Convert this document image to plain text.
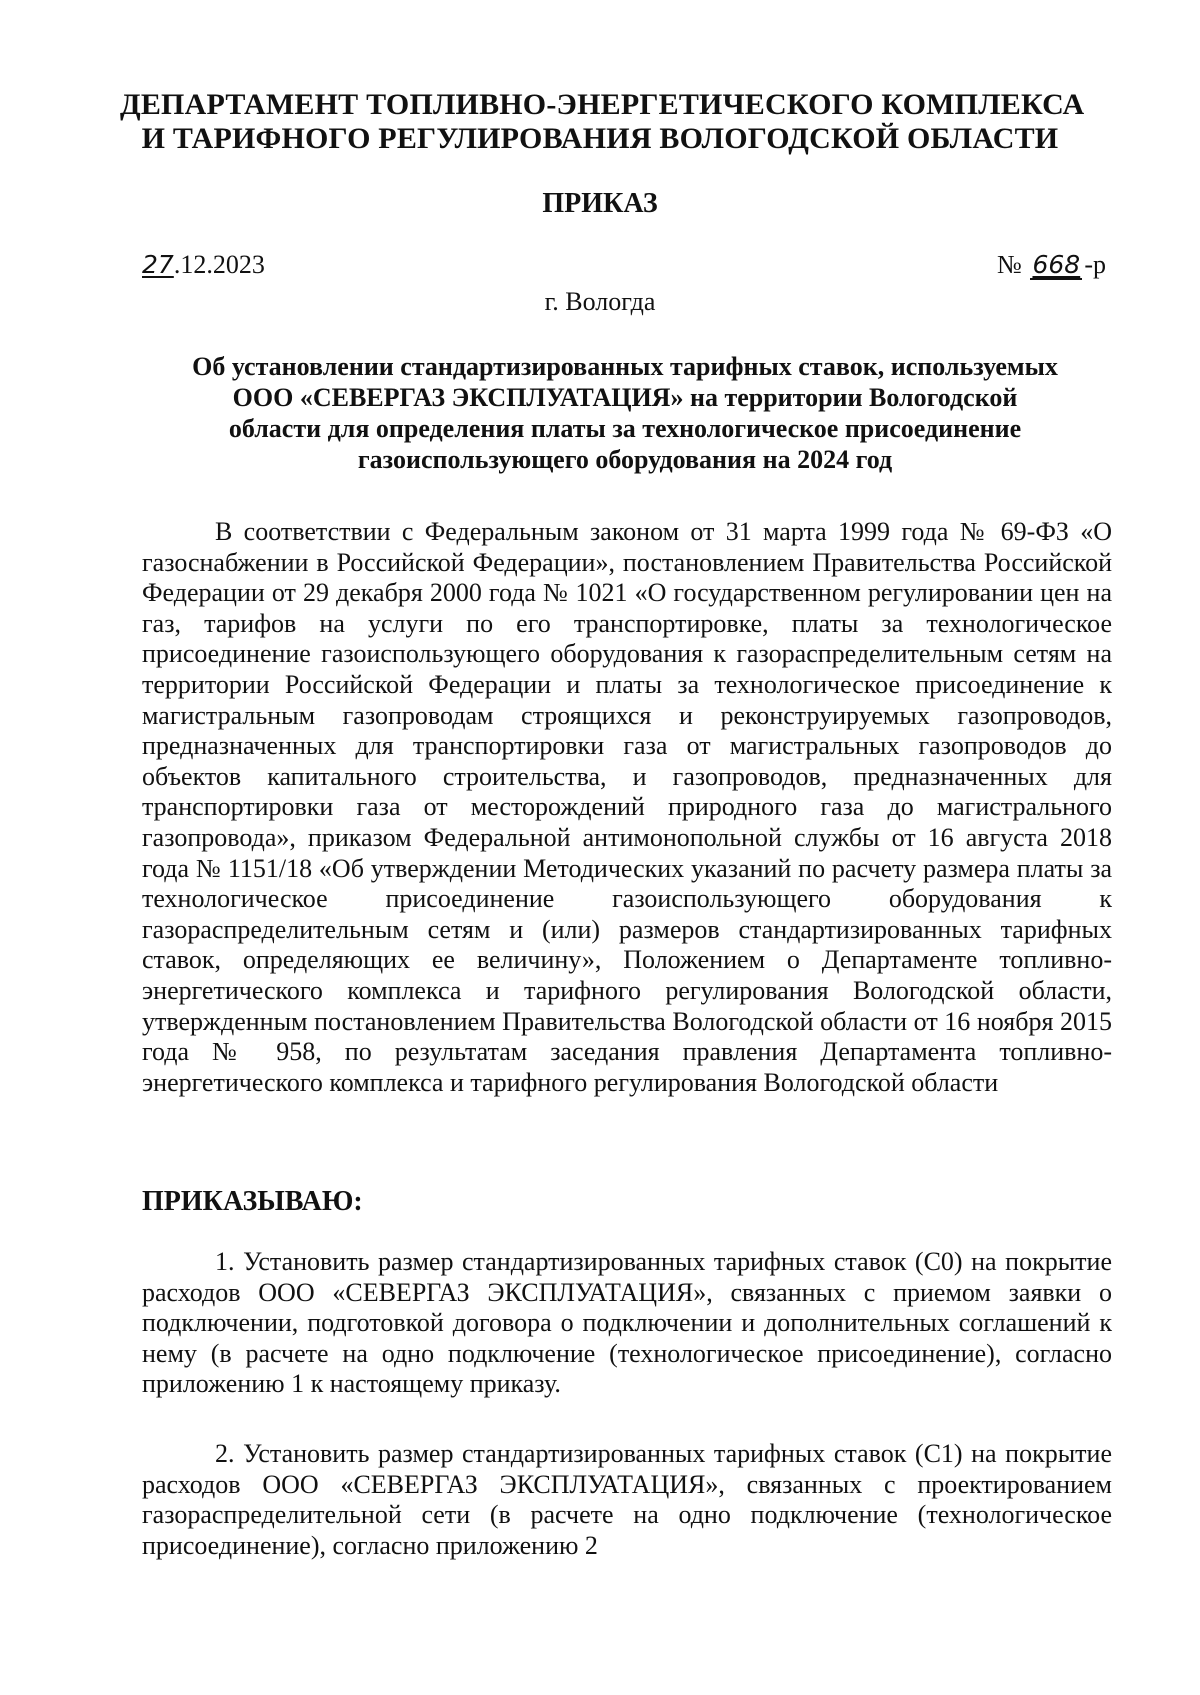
ДЕПАРТАМЕНТ ТОПЛИВНО-ЭНЕРГЕТИЧЕСКОГО КОМПЛЕКСА
И ТАРИФНОГО РЕГУЛИРОВАНИЯ ВОЛОГОДСКОЙ ОБЛАСТИ
ПРИКАЗ
27.12.2023	№ 668 -р
г. Вологда
Об установлении стандартизированных тарифных ставок, используемых
ООО «СЕВЕРГАЗ ЭКСПЛУАТАЦИЯ» на территории Вологодской
области для определения платы за технологическое присоединение
газоиспользующего оборудования на 2024 год

В соответствии с Федеральным законом от 31 марта 1999 года № 69-ФЗ «О газоснабжении в Российской Федерации», постановлением Правительства Российской Федерации от 29 декабря 2000 года № 1021 «О государственном регулировании цен на газ, тарифов на услуги по его транспортировке, платы за технологическое присоединение газоиспользующего оборудования к газораспределительным сетям на территории Российской Федерации и платы за технологическое присоединение к магистральным газопроводам строящихся и реконструируемых газопроводов, предназначенных для транспортировки газа от магистральных газопроводов до объектов капитального строительства, и газопроводов, предназначенных для транспортировки газа от месторождений природного газа до магистрального газопровода», приказом Федеральной антимонопольной службы от 16 августа 2018 года № 1151/18 «Об утверждении Методических указаний по расчету размера платы за технологическое присоединение газоиспользующего оборудования к газораспределительным сетям и (или) размеров стандартизированных тарифных ставок, определяющих ее величину», Положением о Департаменте топливно-энергетического комплекса и тарифного регулирования Вологодской области, утвержденным постановлением Правительства Вологодской области от 16 ноября 2015 года № 958, по результатам заседания правления Департамента топливно-энергетического комплекса и тарифного регулирования Вологодской области

ПРИКАЗЫВАЮ:

1. Установить размер стандартизированных тарифных ставок (С0) на покрытие расходов ООО «СЕВЕРГАЗ ЭКСПЛУАТАЦИЯ», связанных с приемом заявки о подключении, подготовкой договора о подключении и дополнительных соглашений к нему (в расчете на одно подключение (технологическое присоединение), согласно приложению 1 к настоящему приказу.

2. Установить размер стандартизированных тарифных ставок (С1) на покрытие расходов ООО «СЕВЕРГАЗ ЭКСПЛУАТАЦИЯ», связанных с проектированием газораспределительной сети (в расчете на одно подключение (технологическое присоединение), согласно приложению 2
